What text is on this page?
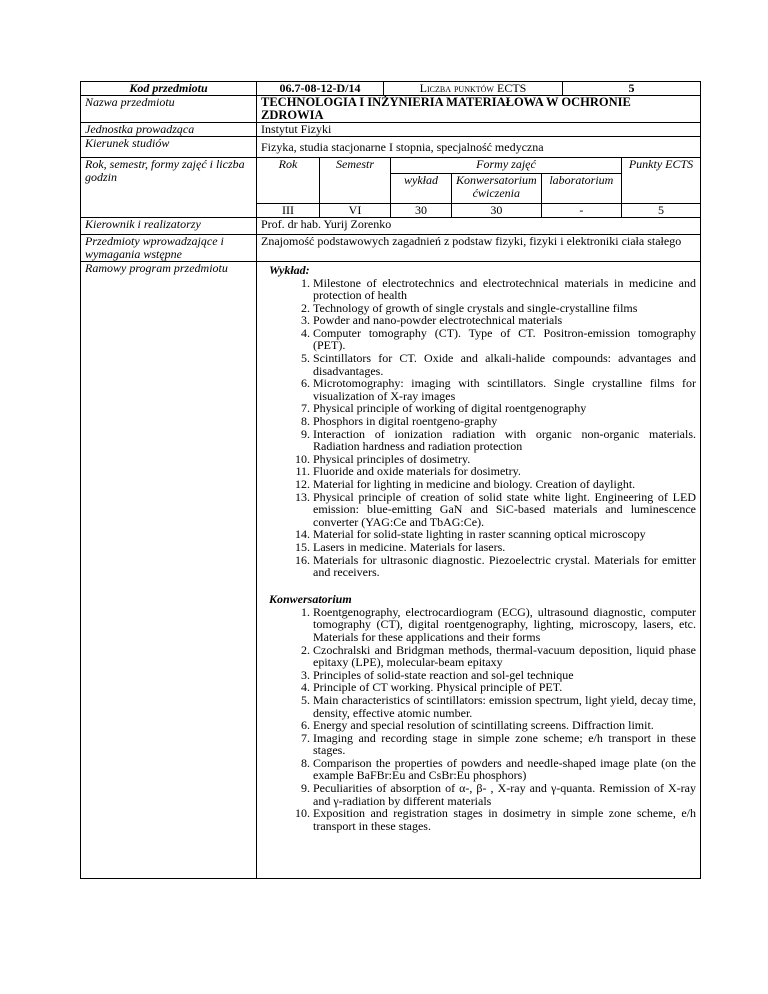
Kod przedmiotu		06.7-08-12-D/14	Liczba punktów ECTS	5

Nazwa przedmiotu	TECHNOLOGIA I INŻYNIERIA MATERIAŁOWA W OCHRONIE ZDROWIA
Jednostka prowadząca	Instytut Fizyki
Kierunek studiów	Fizyka, studia stacjonarne I stopnia, specjalność medyczna
Rok, semestr, formy zajęć i liczba godzin	
Rok	Semestr	Formy zajęć	Punkty ECTS
wykład	Konwersatorium ćwiczenia	laboratorium
III	VI	30	30	-	5

Kierownik i realizatorzy	Prof. dr hab. Yurij Zorenko
Przedmioty wprowadzające i wymagania wstępne	Znajomość podstawowych zagadnień z podstaw fizyki, fizyki i elektroniki ciała stałego
Ramowy program przedmiotu	Wykład:

1. Milestone of electrotechnics and electrotechnical materials in medicine and protection of health
2. Technology of growth of single crystals and single-crystalline films
3. Powder and nano-powder electrotechnical materials
4. Computer tomography (CT). Type of CT. Positron-emission tomography (PET).
5. Scintillators for CT. Oxide and alkali-halide compounds: advantages and disadvantages.
6. Microtomography: imaging with scintillators. Single crystalline films for visualization of X-ray images
7. Physical principle of working of digital roentgenography
8. Phosphors in digital roentgeno-graphy
9. Interaction of ionization radiation with organic non-organic materials. Radiation hardness and radiation protection
10. Physical principles of dosimetry.
11. Fluoride and oxide materials for dosimetry.
12. Material for lighting in medicine and biology. Creation of daylight.
13. Physical principle of creation of solid state white light. Engineering of LED emission: blue-emitting GaN and SiC-based materials and luminescence converter (YAG:Ce and TbAG:Ce).
14. Material for solid-state lighting in raster scanning optical microscopy
15. Lasers in medicine. Materials for lasers.
16. Materials for ultrasonic diagnostic. Piezoelectric crystal. Materials for emitter and receivers.

Konwersatorium

1. Roentgenography, electrocardiogram (ECG), ultrasound diagnostic, computer tomography (CT), digital roentgenography, lighting, microscopy, lasers, etc. Materials for these applications and their forms
2. Czochralski and Bridgman methods, thermal-vacuum deposition, liquid phase epitaxy (LPE), molecular-beam epitaxy
3. Principles of solid-state reaction and sol-gel technique
4. Principle of CT working. Physical principle of PET.
5. Main characteristics of scintillators: emission spectrum, light yield, decay time, density, effective atomic number.
6. Energy and special resolution of scintillating screens. Diffraction limit.
7. Imaging and recording stage in simple zone scheme; e/h transport in these stages.
8. Comparison the properties of powders and needle-shaped image plate (on the example BaFBr:Eu and CsBr:Eu phosphors)
9. Peculiarities of absorption of α-, β- , X-ray and γ-quanta. Remission of X-ray and γ-radiation by different materials
10. Exposition and registration stages in dosimetry in simple zone scheme, e/h transport in these stages.
